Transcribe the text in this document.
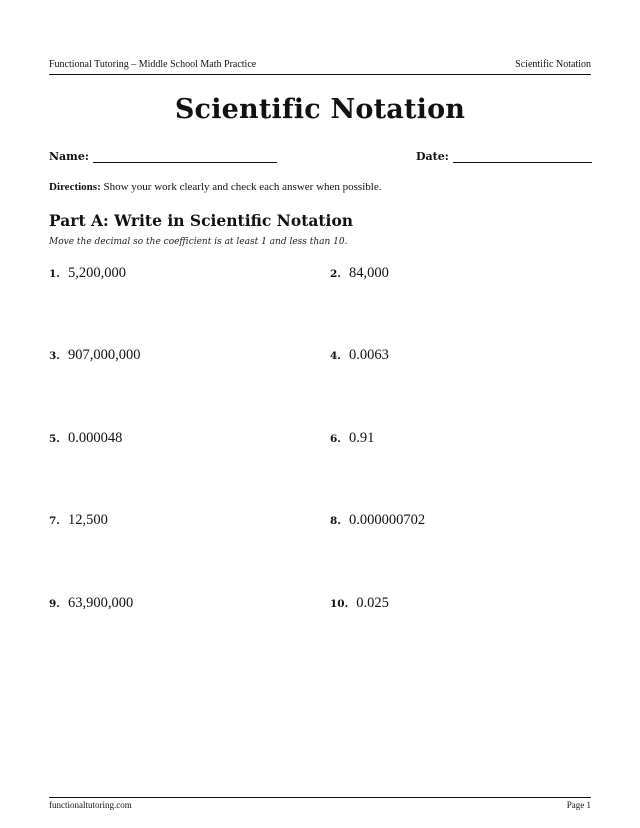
Functional Tutoring – Middle School Math Practice	Scientific Notation
Scientific Notation
Name:	Date:
Directions: Show your work clearly and check each answer when possible.
Part A: Write in Scientific Notation
Move the decimal so the coefficient is at least 1 and less than 10.
1. 5,200,000	2. 84,000
3. 907,000,000	4. 0.0063
5. 0.000048	6. 0.91
7. 12,500	8. 0.000000702
9. 63,900,000	10. 0.025
functionaltutoring.com	Page 1
